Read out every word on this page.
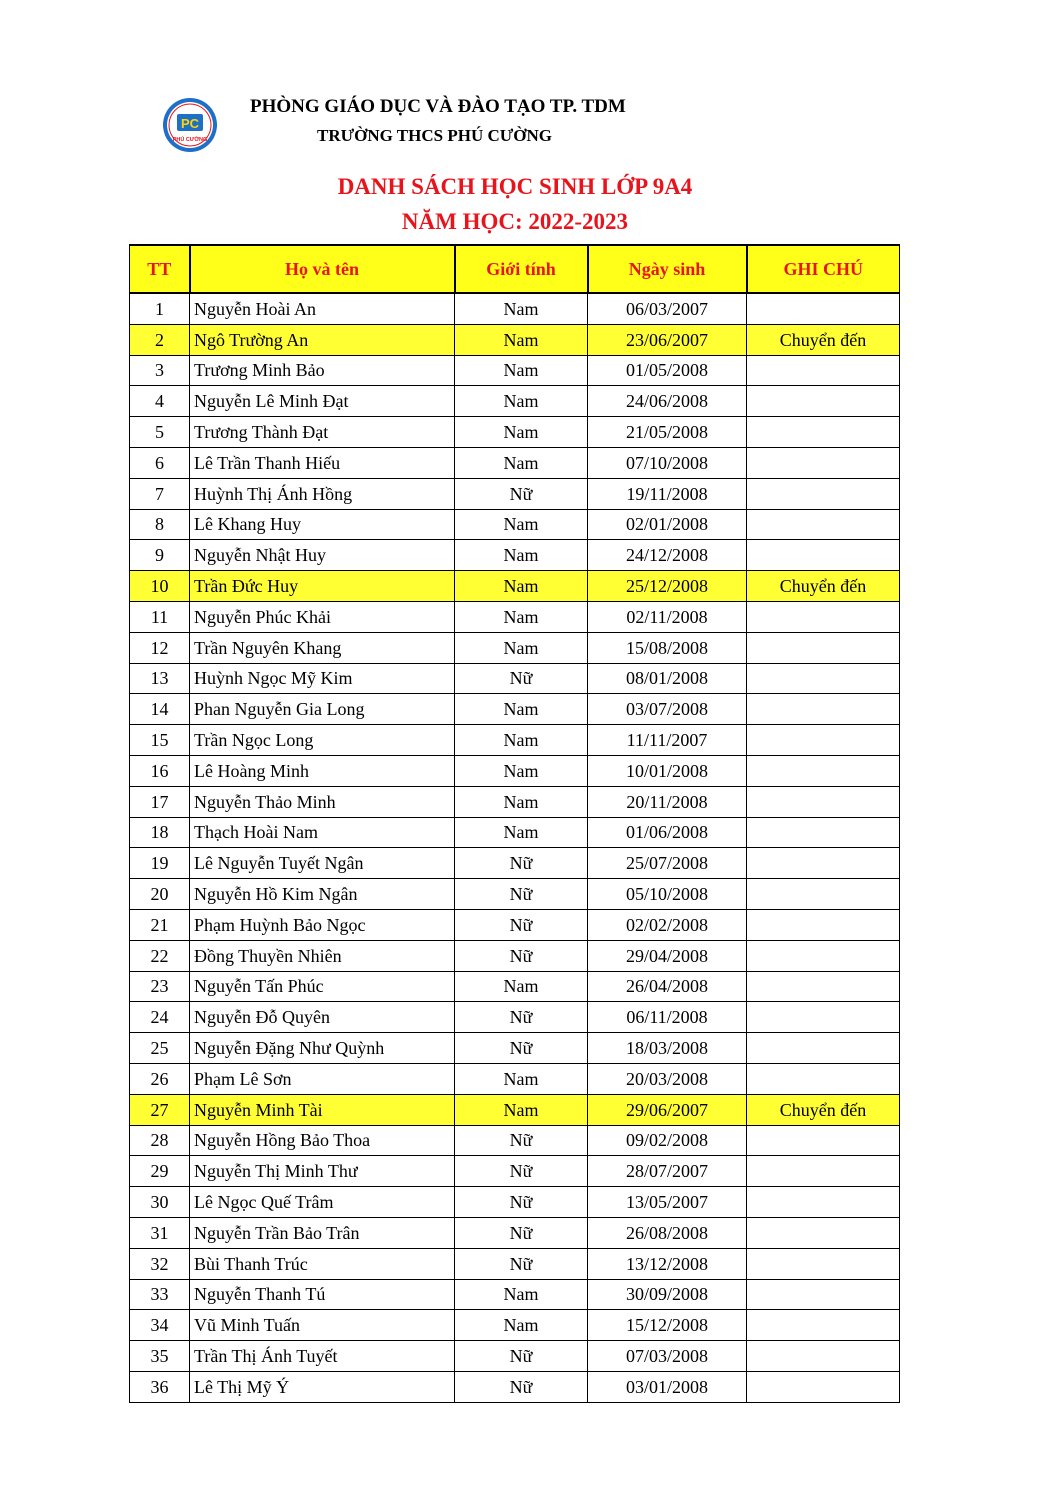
PC
PHÚ CƯỜNG
PHÒNG GIÁO DỤC VÀ ĐÀO TẠO TP. TDM
TRƯỜNG THCS PHÚ CƯỜNG
DANH SÁCH HỌC SINH LỚP 9A4
NĂM HỌC: 2022-2023
TT	Họ và tên	Giới tính	Ngày sinh	GHI CHÚ
1	Nguyễn Hoài An	Nam	06/03/2007	
2	Ngô Trường An	Nam	23/06/2007	Chuyển đến
3	Trương Minh Bảo	Nam	01/05/2008	
4	Nguyễn Lê Minh Đạt	Nam	24/06/2008	
5	Trương Thành Đạt	Nam	21/05/2008	
6	Lê Trần Thanh Hiếu	Nam	07/10/2008	
7	Huỳnh Thị Ánh Hồng	Nữ	19/11/2008	
8	Lê Khang Huy	Nam	02/01/2008	
9	Nguyễn Nhật Huy	Nam	24/12/2008	
10	Trần Đức Huy	Nam	25/12/2008	Chuyển đến
11	Nguyễn Phúc Khải	Nam	02/11/2008	
12	Trần Nguyên Khang	Nam	15/08/2008	
13	Huỳnh Ngọc Mỹ Kim	Nữ	08/01/2008	
14	Phan Nguyễn Gia Long	Nam	03/07/2008	
15	Trần Ngọc Long	Nam	11/11/2007	
16	Lê Hoàng Minh	Nam	10/01/2008	
17	Nguyễn Thảo Minh	Nam	20/11/2008	
18	Thạch Hoài Nam	Nam	01/06/2008	
19	Lê Nguyễn Tuyết Ngân	Nữ	25/07/2008	
20	Nguyễn Hồ Kim Ngân	Nữ	05/10/2008	
21	Phạm Huỳnh Bảo Ngọc	Nữ	02/02/2008	
22	Đồng Thuyền Nhiên	Nữ	29/04/2008	
23	Nguyễn Tấn Phúc	Nam	26/04/2008	
24	Nguyễn Đỗ Quyên	Nữ	06/11/2008	
25	Nguyễn Đặng Như Quỳnh	Nữ	18/03/2008	
26	Phạm Lê Sơn	Nam	20/03/2008	
27	Nguyễn Minh Tài	Nam	29/06/2007	Chuyển đến
28	Nguyễn Hồng Bảo Thoa	Nữ	09/02/2008	
29	Nguyễn Thị Minh Thư	Nữ	28/07/2007	
30	Lê Ngọc Quế Trâm	Nữ	13/05/2007	
31	Nguyễn Trần Bảo Trân	Nữ	26/08/2008	
32	Bùi Thanh Trúc	Nữ	13/12/2008	
33	Nguyễn Thanh Tú	Nam	30/09/2008	
34	Vũ Minh Tuấn	Nam	15/12/2008	
35	Trần Thị Ánh Tuyết	Nữ	07/03/2008	
36	Lê Thị Mỹ Ý	Nữ	03/01/2008	
